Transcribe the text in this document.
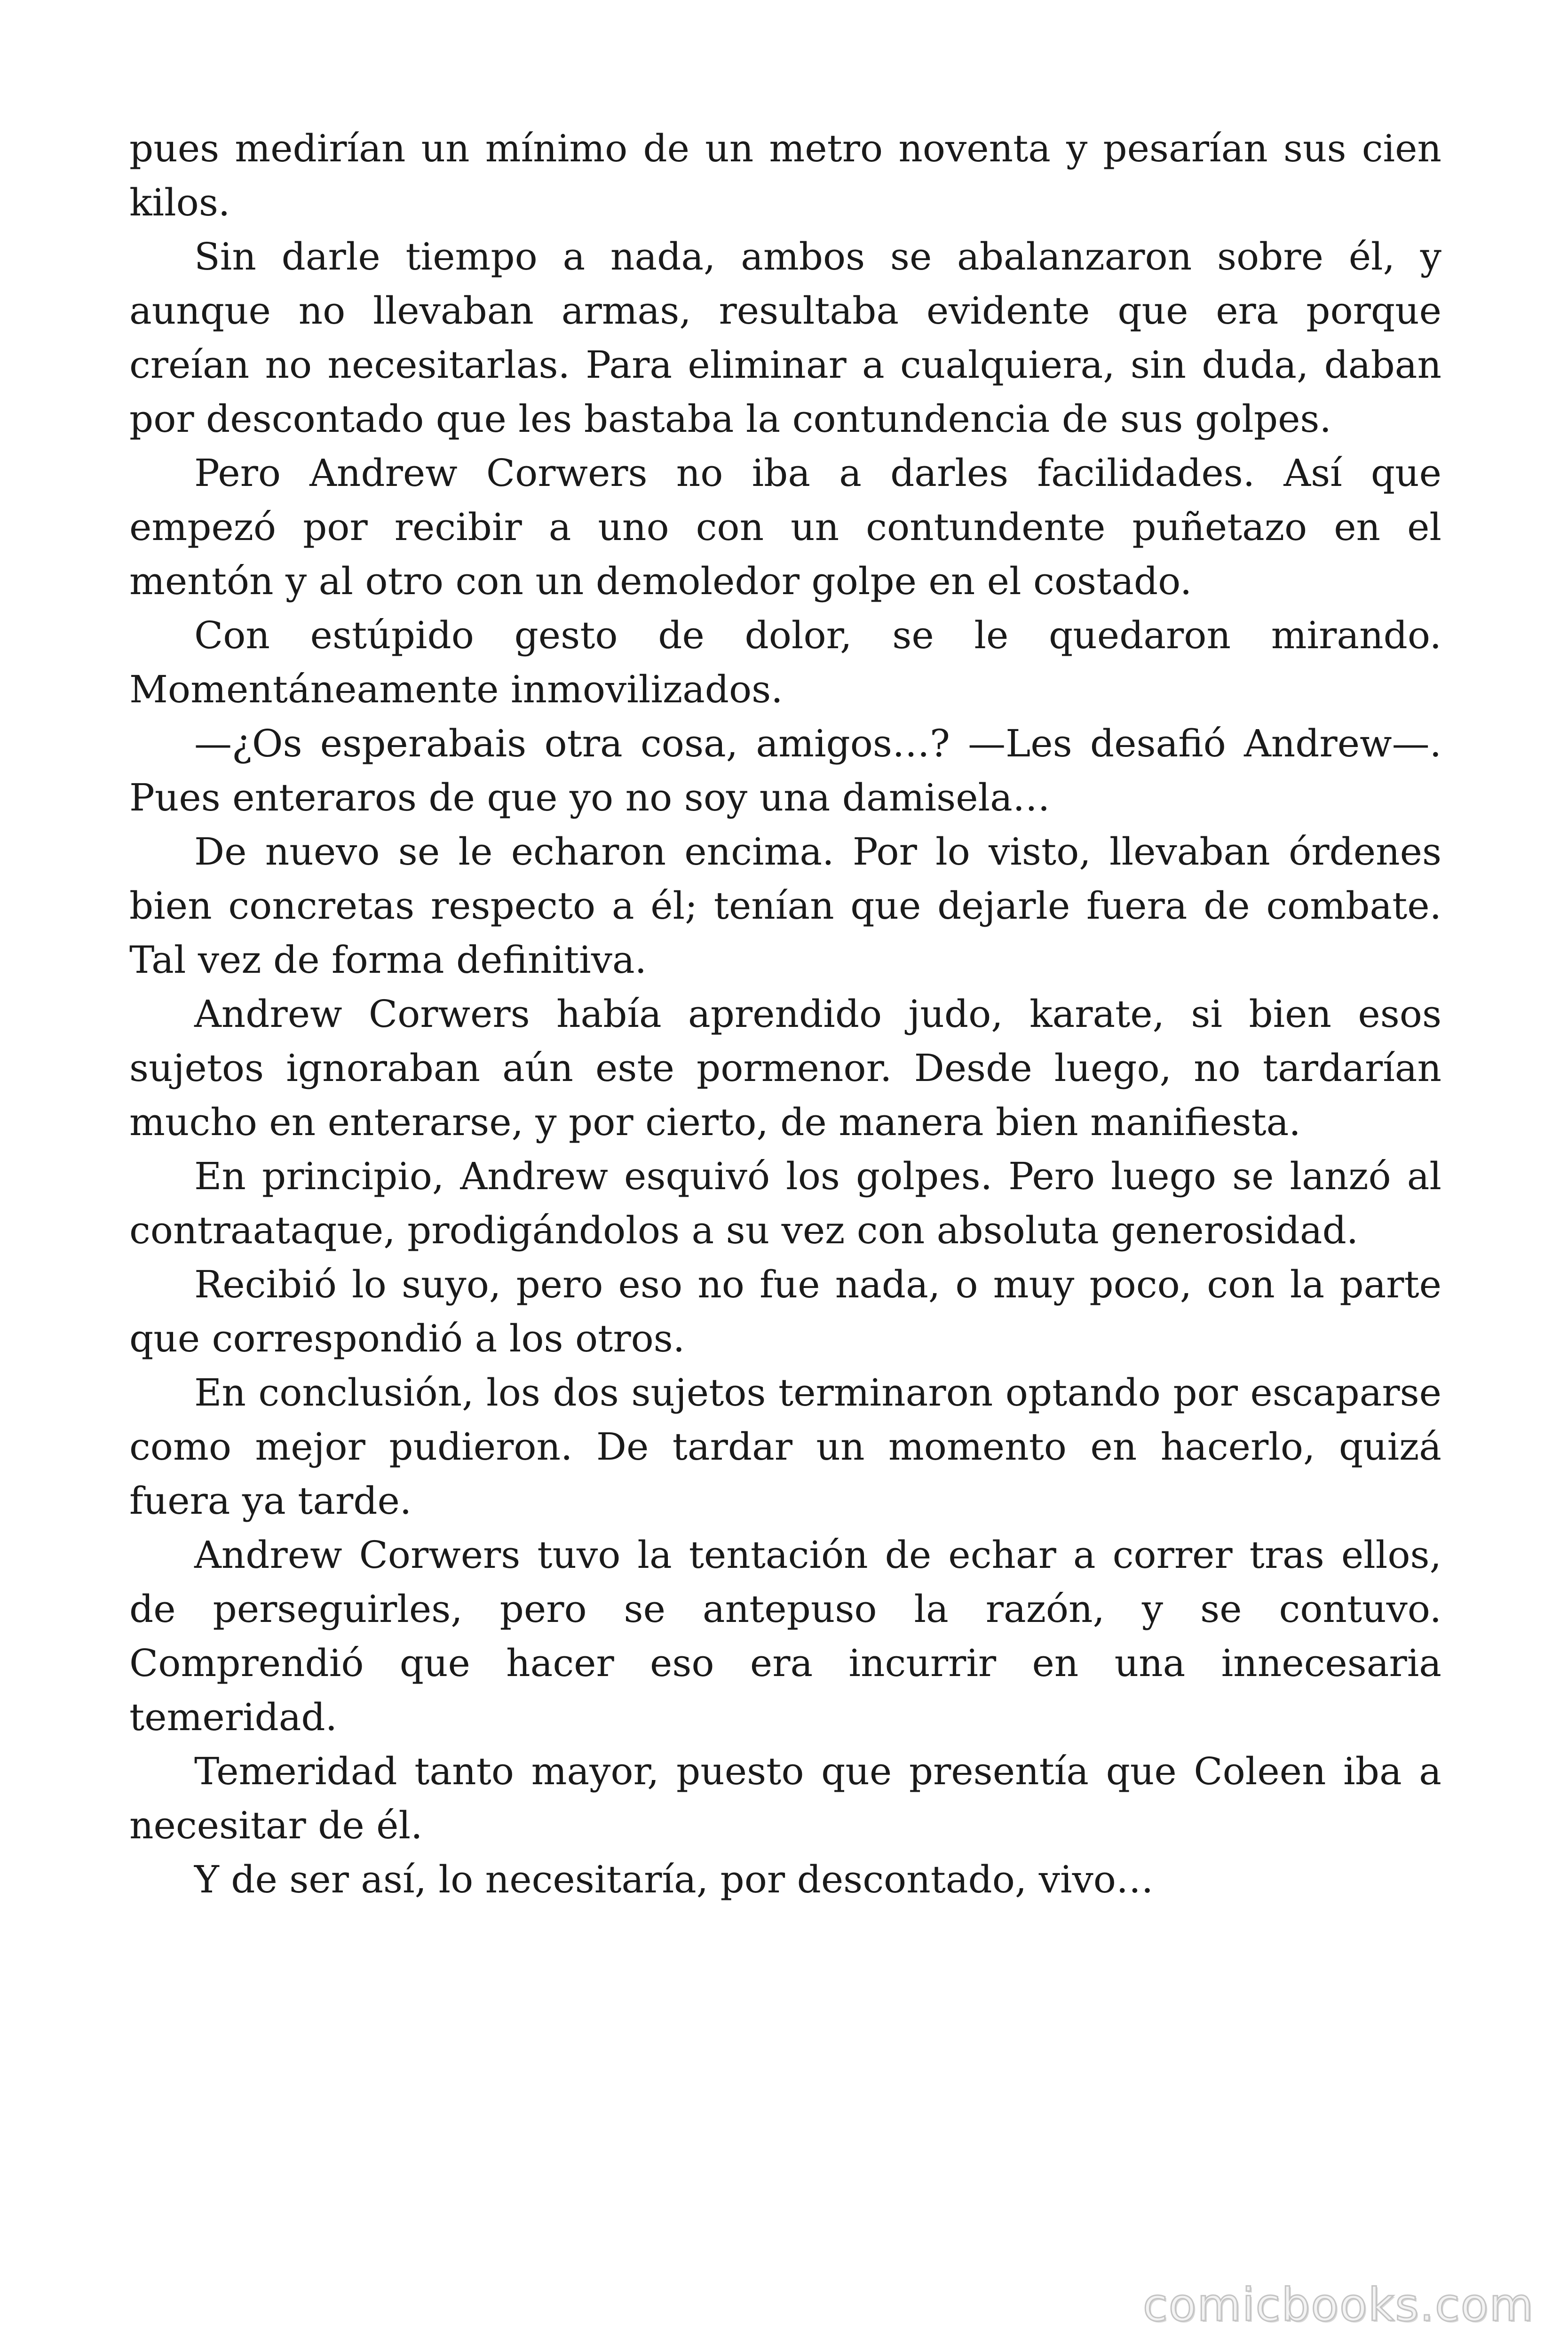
pues medirían un mínimo de un metro noventa y pesarían sus cien kilos.

Sin darle tiempo a nada, ambos se abalanzaron sobre él, y aunque no llevaban armas, resultaba evidente que era porque creían no necesitarlas. Para eliminar a cualquiera, sin duda, daban por descontado que les bastaba la contundencia de sus golpes.

Pero Andrew Corwers no iba a darles facilidades. Así que empezó por recibir a uno con un contundente puñetazo en el mentón y al otro con un demoledor golpe en el costado.

Con estúpido gesto de dolor, se le quedaron mirando. Momentáneamente inmovilizados.

—¿Os esperabais otra cosa, amigos…? —Les desafió Andrew—. Pues enteraros de que yo no soy una damisela…

De nuevo se le echaron encima. Por lo visto, llevaban órdenes bien concretas respecto a él; tenían que dejarle fuera de combate. Tal vez de forma definitiva.

Andrew Corwers había aprendido judo, karate, si bien esos sujetos ignoraban aún este pormenor. Desde luego, no tardarían mucho en enterarse, y por cierto, de manera bien manifiesta.

En principio, Andrew esquivó los golpes. Pero luego se lanzó al contraataque, prodigándolos a su vez con absoluta generosidad.

Recibió lo suyo, pero eso no fue nada, o muy poco, con la parte que correspondió a los otros.

En conclusión, los dos sujetos terminaron optando por escaparse como mejor pudieron. De tardar un momento en hacerlo, quizá fuera ya tarde.

Andrew Corwers tuvo la tentación de echar a correr tras ellos, de perseguirles, pero se antepuso la razón, y se contuvo. Comprendió que hacer eso era incurrir en una innecesaria temeridad.

Temeridad tanto mayor, puesto que presentía que Coleen iba a necesitar de él.

Y de ser así, lo necesitaría, por descontado, vivo…

comicbooks.com
